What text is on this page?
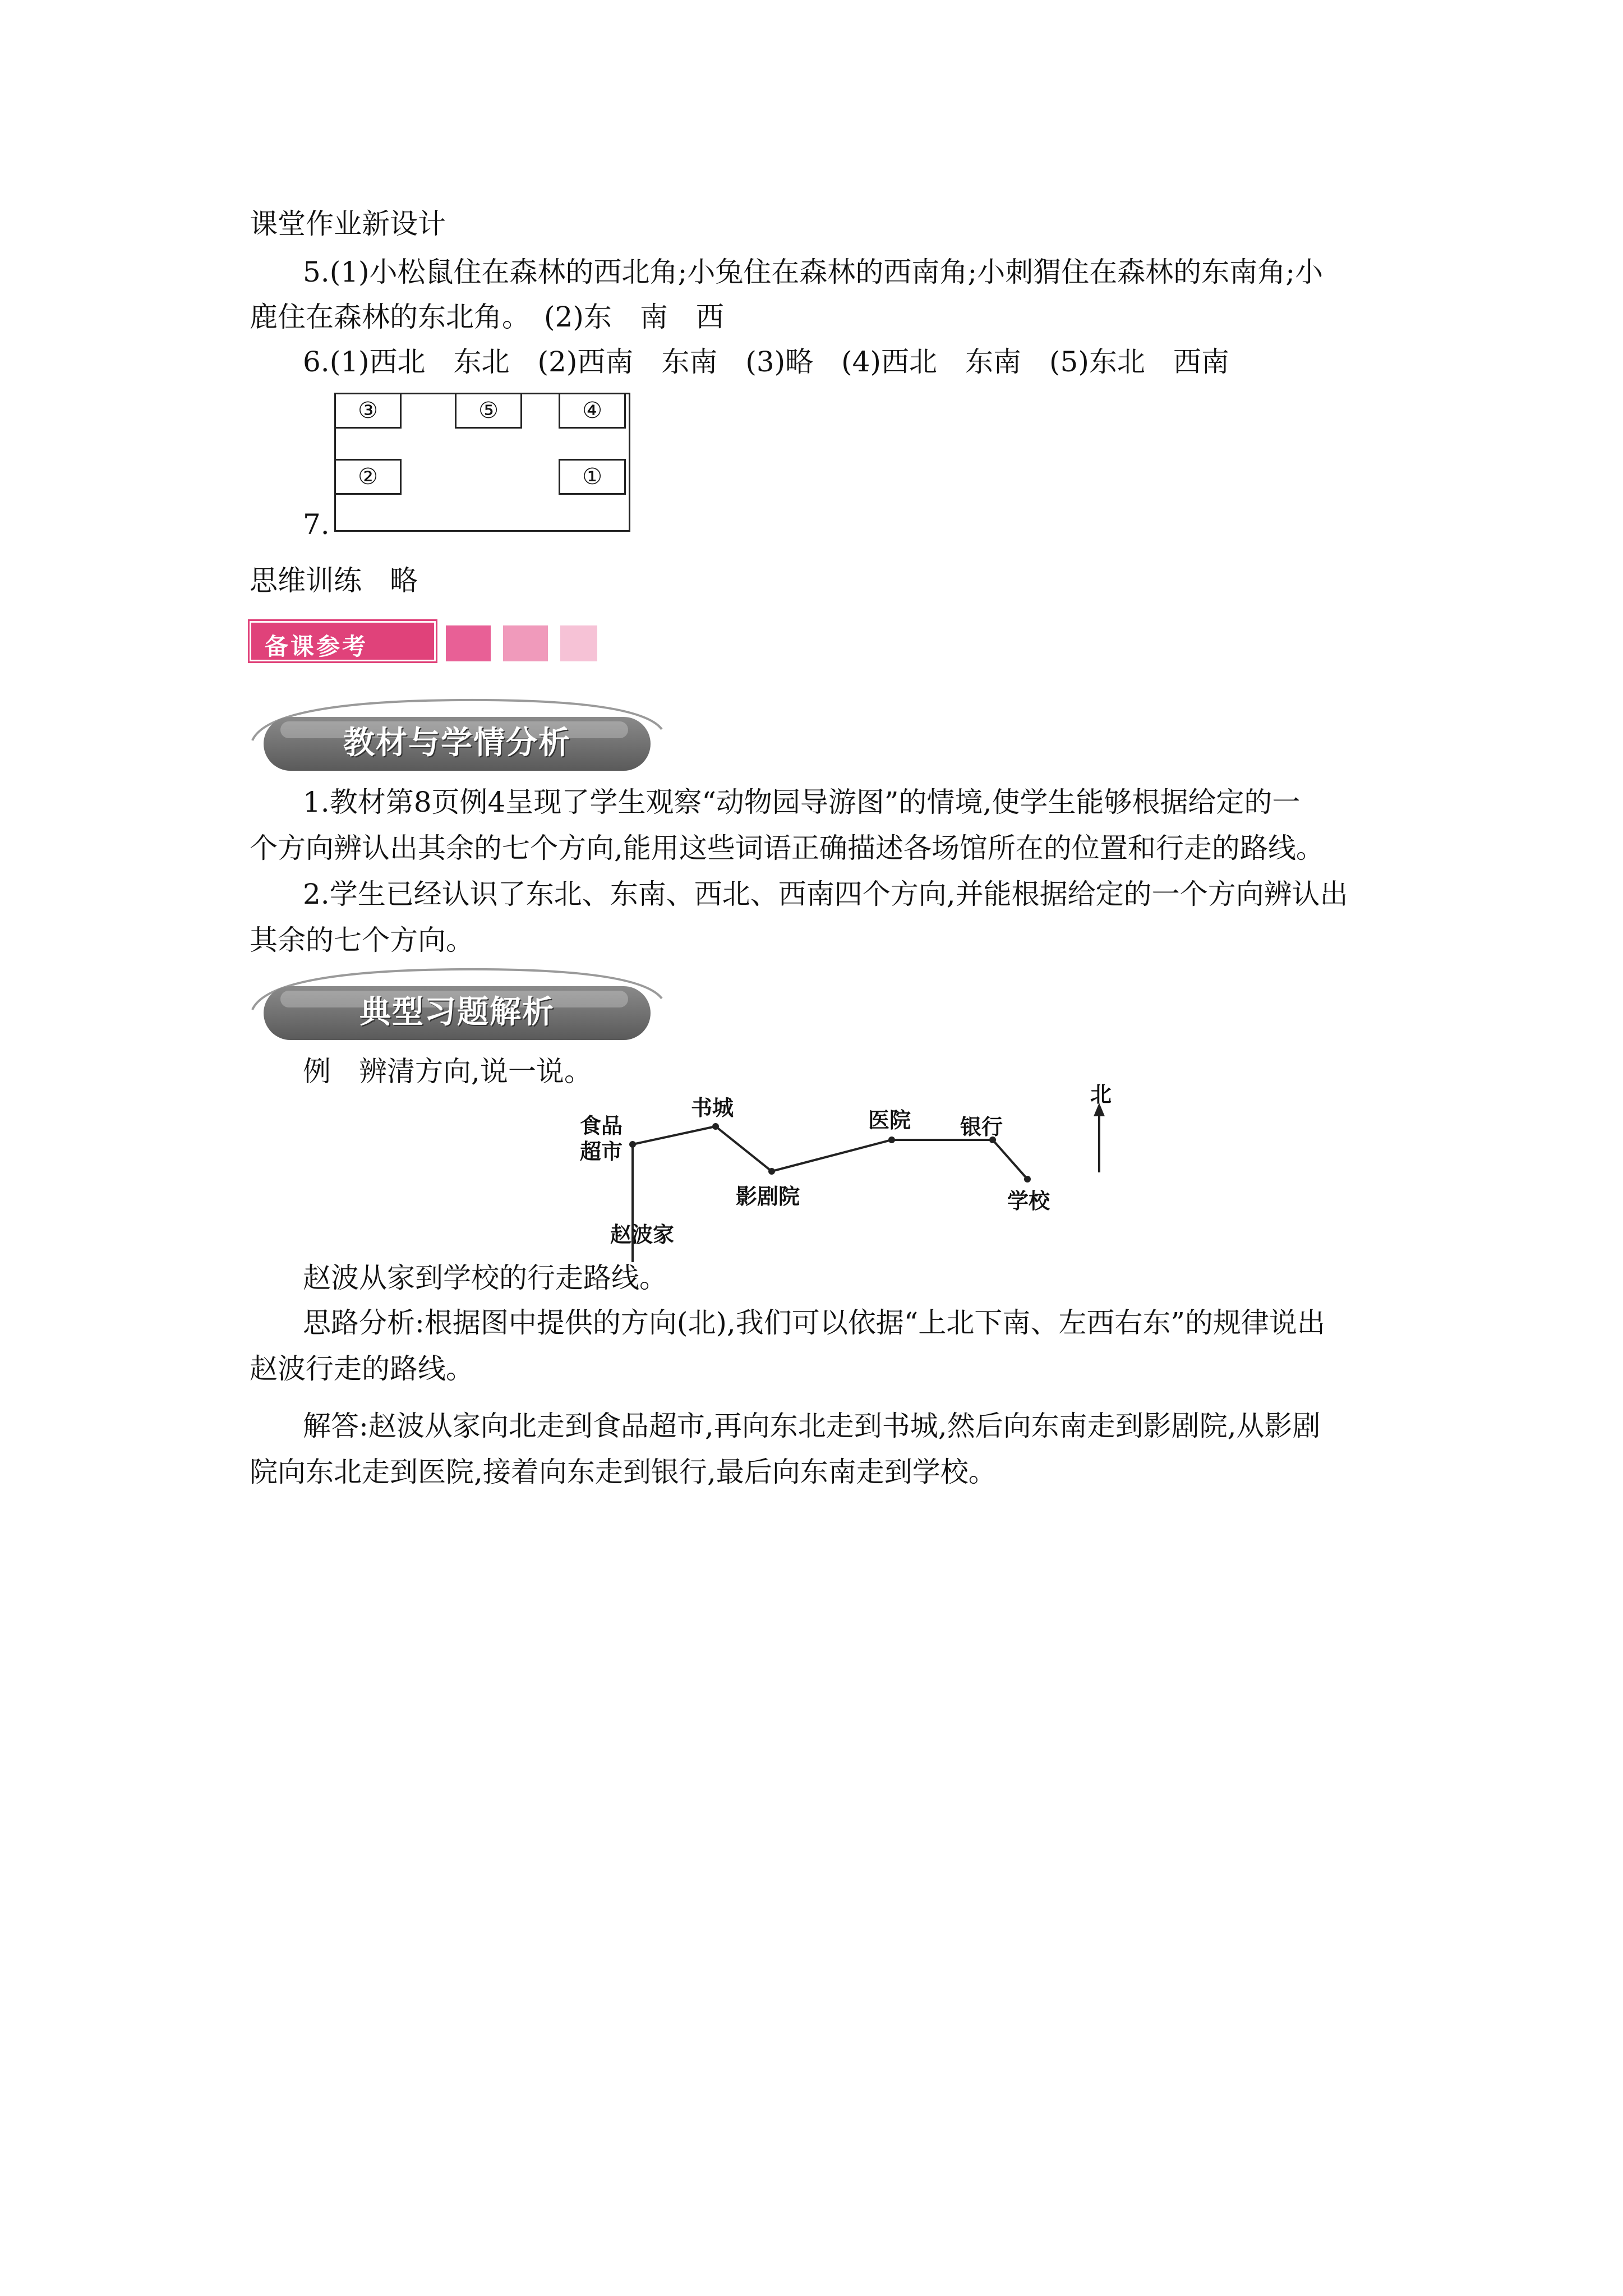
课堂作业新设计
5.(1)小松鼠住在森林的西北角;小兔住在森林的西南角;小刺猬住在森林的东南角;小
鹿住在森林的东北角。　(2)东　南　西
6.(1)西北　东北　(2)西南　东南　(3)略　(4)西北　东南　(5)东北　西南
7.
③	⑤	④
②	①
思维训练　略
备课参考
教材与学情分析
1.教材第8页例4呈现了学生观察“动物园导游图”的情境,使学生能够根据给定的一
个方向辨认出其余的七个方向,能用这些词语正确描述各场馆所在的位置和行走的路线。
2.学生已经认识了东北、东南、西北、西南四个方向,并能根据给定的一个方向辨认出
其余的七个方向。
典型习题解析
例　辨清方向,说一说。
食品
超市
书城
影剧院
医院 银行
学校
北
赵波家
赵波从家到学校的行走路线。
思路分析:根据图中提供的方向(北),我们可以依据“上北下南、左西右东”的规律说出
赵波行走的路线。
解答:赵波从家向北走到食品超市,再向东北走到书城,然后向东南走到影剧院,从影剧
院向东北走到医院,接着向东走到银行,最后向东南走到学校。
